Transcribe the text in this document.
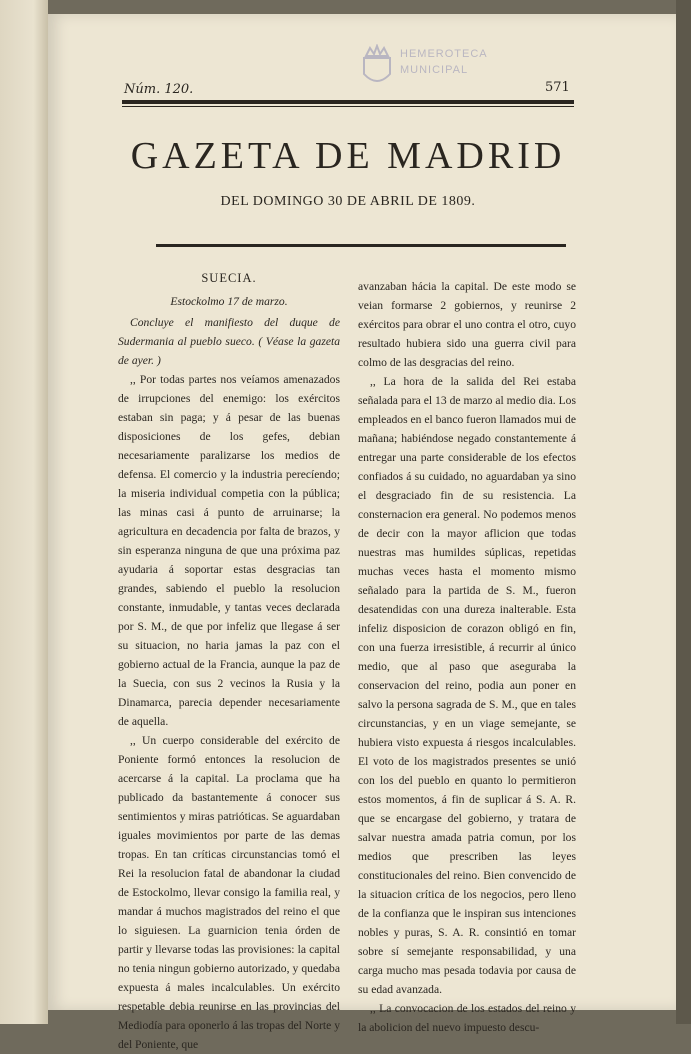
HEMEROTECA
MUNICIPAL
Núm. 120.	571
GAZETA DE MADRID
DEL DOMINGO 30 DE ABRIL DE 1809.
SUECIA.
Estockolmo 17 de marzo.

Concluye el manifiesto del duque de Sudermania al pueblo sueco. ( Véase la gazeta de ayer. )

,, Por todas partes nos veíamos amenazados de irrupciones del enemigo: los exércitos estaban sin paga; y á pesar de las buenas disposiciones de los gefes, debian necesariamente paralizarse los medios de defensa. El comercio y la industria perecíendo; la miseria individual competia con la pública; las minas casi á punto de arruinarse; la agricultura en decadencia por falta de brazos, y sin esperanza ninguna de que una próxima paz ayudaria á soportar estas desgracias tan grandes, sabiendo el pueblo la resolucion constante, inmudable, y tantas veces declarada por S. M., de que por infeliz que llegase á ser su situacion, no haria jamas la paz con el gobierno actual de la Francia, aunque la paz de la Suecia, con sus 2 vecinos la Rusia y la Dinamarca, parecia depender necesariamente de aquella.

,, Un cuerpo considerable del exército de Poniente formó entonces la resolucion de acercarse á la capital. La proclama que ha publicado da bastantemente á conocer sus sentimientos y miras patrióticas. Se aguardaban iguales movimientos por parte de las demas tropas. En tan críticas circunstancias tomó el Rei la resolucion fatal de abandonar la ciudad de Estockolmo, llevar consigo la familia real, y mandar á muchos magistrados del reino el que lo siguiesen. La guarnicion tenia órden de partir y llevarse todas las provisiones: la capital no tenia ningun gobierno autorizado, y quedaba expuesta á males incalculables. Un exército respetable debia reunirse en las provincias del Mediodía para oponerlo á las tropas del Norte y del Poniente, que

avanzaban hácia la capital. De este modo se veian formarse 2 gobiernos, y reunirse 2 exércitos para obrar el uno contra el otro, cuyo resultado hubiera sido una guerra civil para colmo de las desgracias del reino.

,, La hora de la salida del Rei estaba señalada para el 13 de marzo al medio dia. Los empleados en el banco fueron llamados mui de mañana; habiéndose negado constantemente á entregar una parte considerable de los efectos confiados á su cuidado, no aguardaban ya sino el desgraciado fin de su resistencia. La consternacion era general. No podemos menos de decir con la mayor aflicion que todas nuestras mas humildes súplicas, repetidas muchas veces hasta el momento mismo señalado para la partida de S. M., fueron desatendidas con una dureza inalterable. Esta infeliz disposicion de corazon obligó en fin, con una fuerza irresistible, á recurrir al único medio, que al paso que aseguraba la conservacion del reino, podia aun poner en salvo la persona sagrada de S. M., que en tales circunstancias, y en un viage semejante, se hubiera visto expuesta á riesgos incalculables. El voto de los magistrados presentes se unió con los del pueblo en quanto lo permitieron estos momentos, á fin de suplicar á S. A. R. que se encargase del gobierno, y tratara de salvar nuestra amada patria comun, por los medios que prescriben las leyes constitucionales del reino. Bien convencido de la situacion crítica de los negocios, pero lleno de la confianza que le inspiran sus intenciones nobles y puras, S. A. R. consintió en tomar sobre sí semejante responsabilidad, y una carga mucho mas pesada todavia por causa de su edad avanzada.

,, La convocacion de los estados del reino y la abolicion del nuevo impuesto descu-
